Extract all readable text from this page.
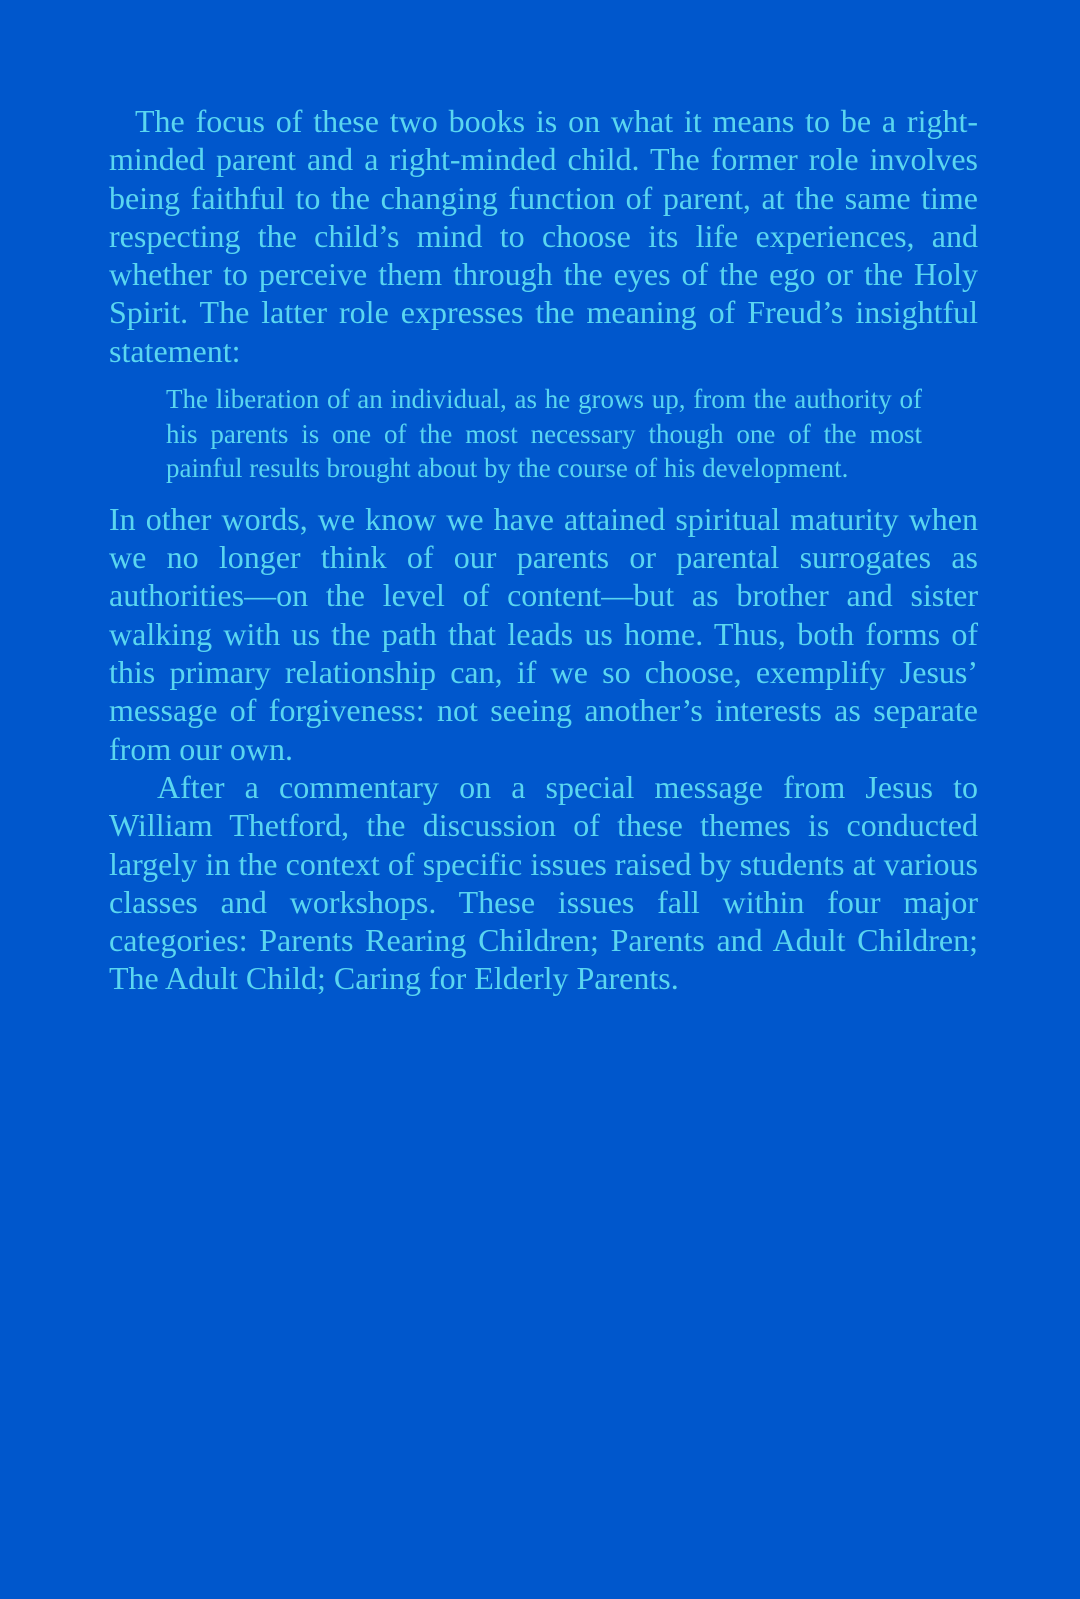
The focus of these two books is on what it means to be a right-minded parent and a right-minded child. The former role involves being faithful to the changing function of parent, at the same time respecting the child’s mind to choose its life experiences, and whether to perceive them through the eyes of the ego or the Holy Spirit. The latter role expresses the meaning of Freud’s insightful statement:

The liberation of an individual, as he grows up, from the authority of his parents is one of the most necessary though one of the most painful results brought about by the course of his development.

In other words, we know we have attained spiritual maturity when we no longer think of our parents or parental surrogates as authorities—on the level of content—but as brother and sister walking with us the path that leads us home. Thus, both forms of this primary relationship can, if we so choose, exemplify Jesus’ message of forgiveness: not seeing another’s interests as separate from our own.

After a commentary on a special message from Jesus to William Thetford, the discussion of these themes is conducted largely in the context of specific issues raised by students at various classes and workshops. These issues fall within four major categories: Parents Rearing Children; Parents and Adult Children; The Adult Child; Caring for Elderly Parents.
